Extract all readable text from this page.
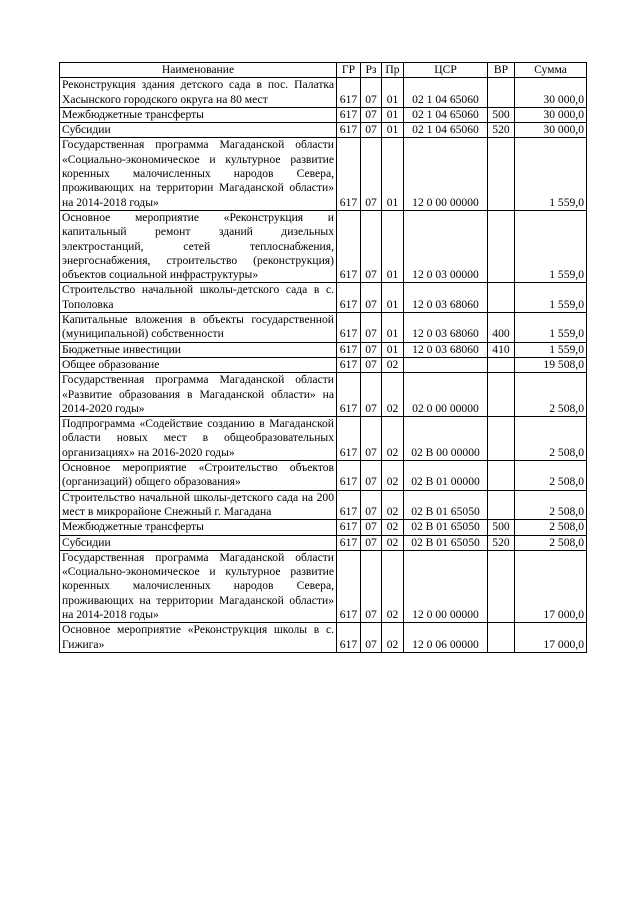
Наименование	ГР	Рз	Пр	ЦСР	ВР	Сумма
Реконструкция здания детского сада в пос. Палатка Хасынского городского округа на 80 мест	617	07	01	02 1 04 65060		30 000,0
Межбюджетные трансферты	617	07	01	02 1 04 65060	500	30 000,0
Субсидии	617	07	01	02 1 04 65060	520	30 000,0
Государственная программа Магаданской области «Социально-экономическое и культурное развитие коренных малочисленных народов Севера, проживающих на территории Магаданской области» на 2014-2018 годы»	617	07	01	12 0 00 00000		1 559,0
Основное мероприятие «Реконструкция и капитальный ремонт зданий дизельных электростанций, сетей теплоснабжения, энергоснабжения, строительство (реконструкция) объектов социальной инфраструктуры»	617	07	01	12 0 03 00000		1 559,0
Строительство начальной школы-детского сада в с. Тополовка	617	07	01	12 0 03 68060		1 559,0
Капитальные вложения в объекты государственной (муниципальной) собственности	617	07	01	12 0 03 68060	400	1 559,0
Бюджетные инвестиции	617	07	01	12 0 03 68060	410	1 559,0
Общее образование	617	07	02			19 508,0
Государственная программа Магаданской области «Развитие образования в Магаданской области» на 2014-2020 годы»	617	07	02	02 0 00 00000		2 508,0
Подпрограмма «Содействие созданию в Магаданской области новых мест в общеобразовательных организациях» на 2016-2020 годы»	617	07	02	02 В 00 00000		2 508,0
Основное мероприятие «Строительство объектов (организаций) общего образования»	617	07	02	02 В 01 00000		2 508,0
Строительство начальной школы-детского сада на 200 мест в микрорайоне Снежный г. Магадана	617	07	02	02 В 01 65050		2 508,0
Межбюджетные трансферты	617	07	02	02 В 01 65050	500	2 508,0
Субсидии	617	07	02	02 В 01 65050	520	2 508,0
Государственная программа Магаданской области «Социально-экономическое и культурное развитие коренных малочисленных народов Севера, проживающих на территории Магаданской области» на 2014-2018 годы»	617	07	02	12 0 00 00000		17 000,0
Основное мероприятие «Реконструкция школы в с. Гижига»	617	07	02	12 0 06 00000		17 000,0
